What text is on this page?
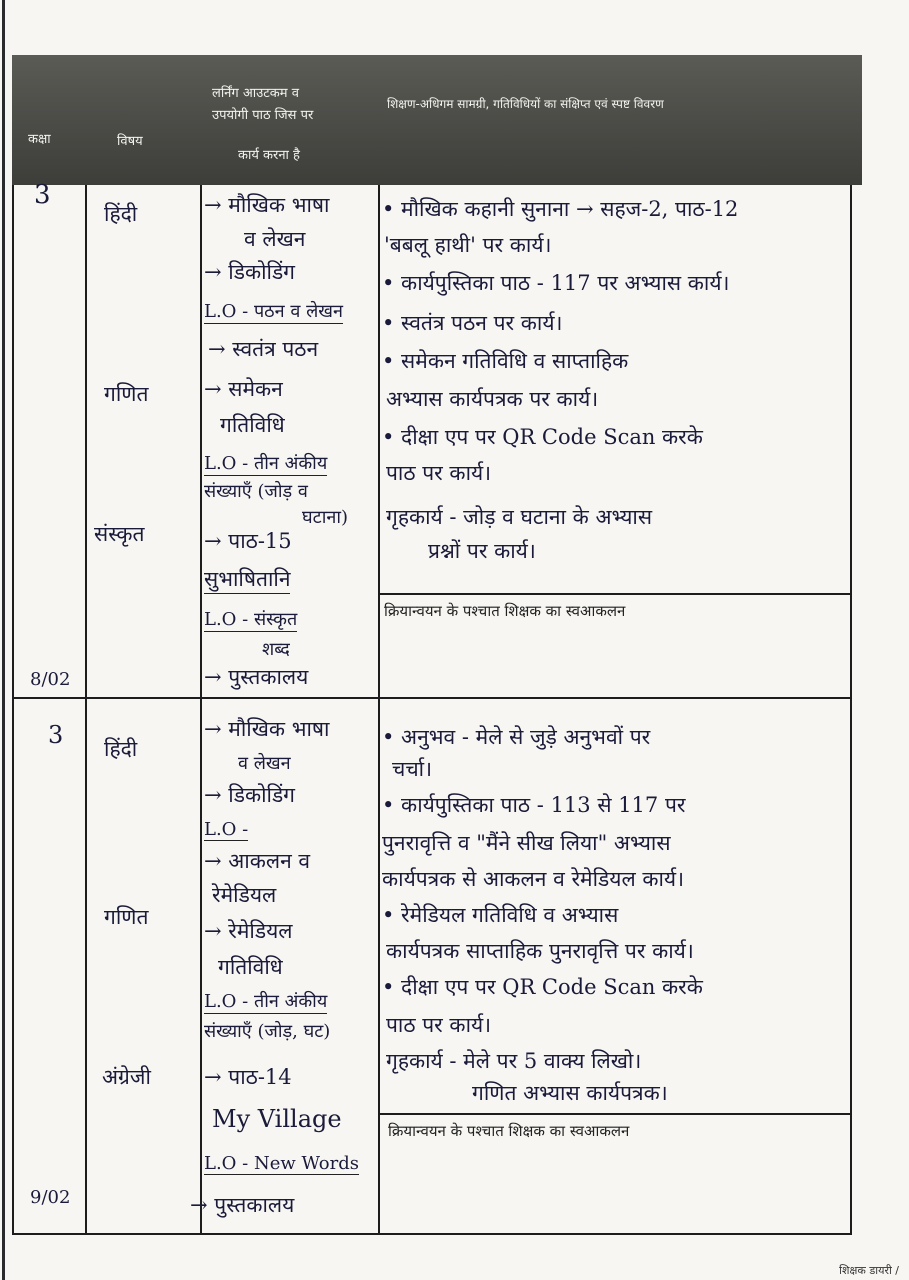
कक्षा	विषय
लर्निंग आउटकम व
उपयोगी पाठ जिस पर
कार्य करना है
शिक्षण-अधिगम सामग्री, गतिविधियों का संक्षिप्त एवं स्पष्ट विवरण
3
8/02
हिंदी
गणित
संस्कृत
→ मौखिक भाषा
व लेखन
→ डिकोडिंग
L.O - पठन व लेखन
→ स्वतंत्र पठन
→ समेकन
गतिविधि
L.O - तीन अंकीय
संख्याएँ (जोड़ व
घटाना)
→ पाठ-15
सुभाषितानि
L.O - संस्कृत
शब्द
→ पुस्तकालय
• मौखिक कहानी सुनाना → सहज-2, पाठ-12
'बबलू हाथी' पर कार्य।
• कार्यपुस्तिका पाठ - 117 पर अभ्यास कार्य।
• स्वतंत्र पठन पर कार्य।
• समेकन गतिविधि व साप्ताहिक
अभ्यास कार्यपत्रक पर कार्य।
• दीक्षा एप पर QR Code Scan करके
पाठ पर कार्य।
गृहकार्य - जोड़ व घटाना के अभ्यास
प्रश्नों पर कार्य।
क्रियान्वयन के पश्चात शिक्षक का स्वआकलन
3
9/02
हिंदी
गणित
अंग्रेजी
→ मौखिक भाषा
व लेखन
→ डिकोडिंग
L.O -
→ आकलन व
रेमेडियल
→ रेमेडियल
गतिविधि
L.O - तीन अंकीय
संख्याएँ (जोड़, घट)
→ पाठ-14
My Village
L.O - New Words
→ पुस्तकालय
• अनुभव - मेले से जुड़े अनुभवों पर
चर्चा।
• कार्यपुस्तिका पाठ - 113 से 117 पर
पुनरावृत्ति व "मैंने सीख लिया" अभ्यास
कार्यपत्रक से आकलन व रेमेडियल कार्य।
• रेमेडियल गतिविधि व अभ्यास
कार्यपत्रक साप्ताहिक पुनरावृत्ति पर कार्य।
• दीक्षा एप पर QR Code Scan करके
पाठ पर कार्य।
गृहकार्य - मेले पर 5 वाक्य लिखो।
गणित अभ्यास कार्यपत्रक।
क्रियान्वयन के पश्चात शिक्षक का स्वआकलन
शिक्षक डायरी /
